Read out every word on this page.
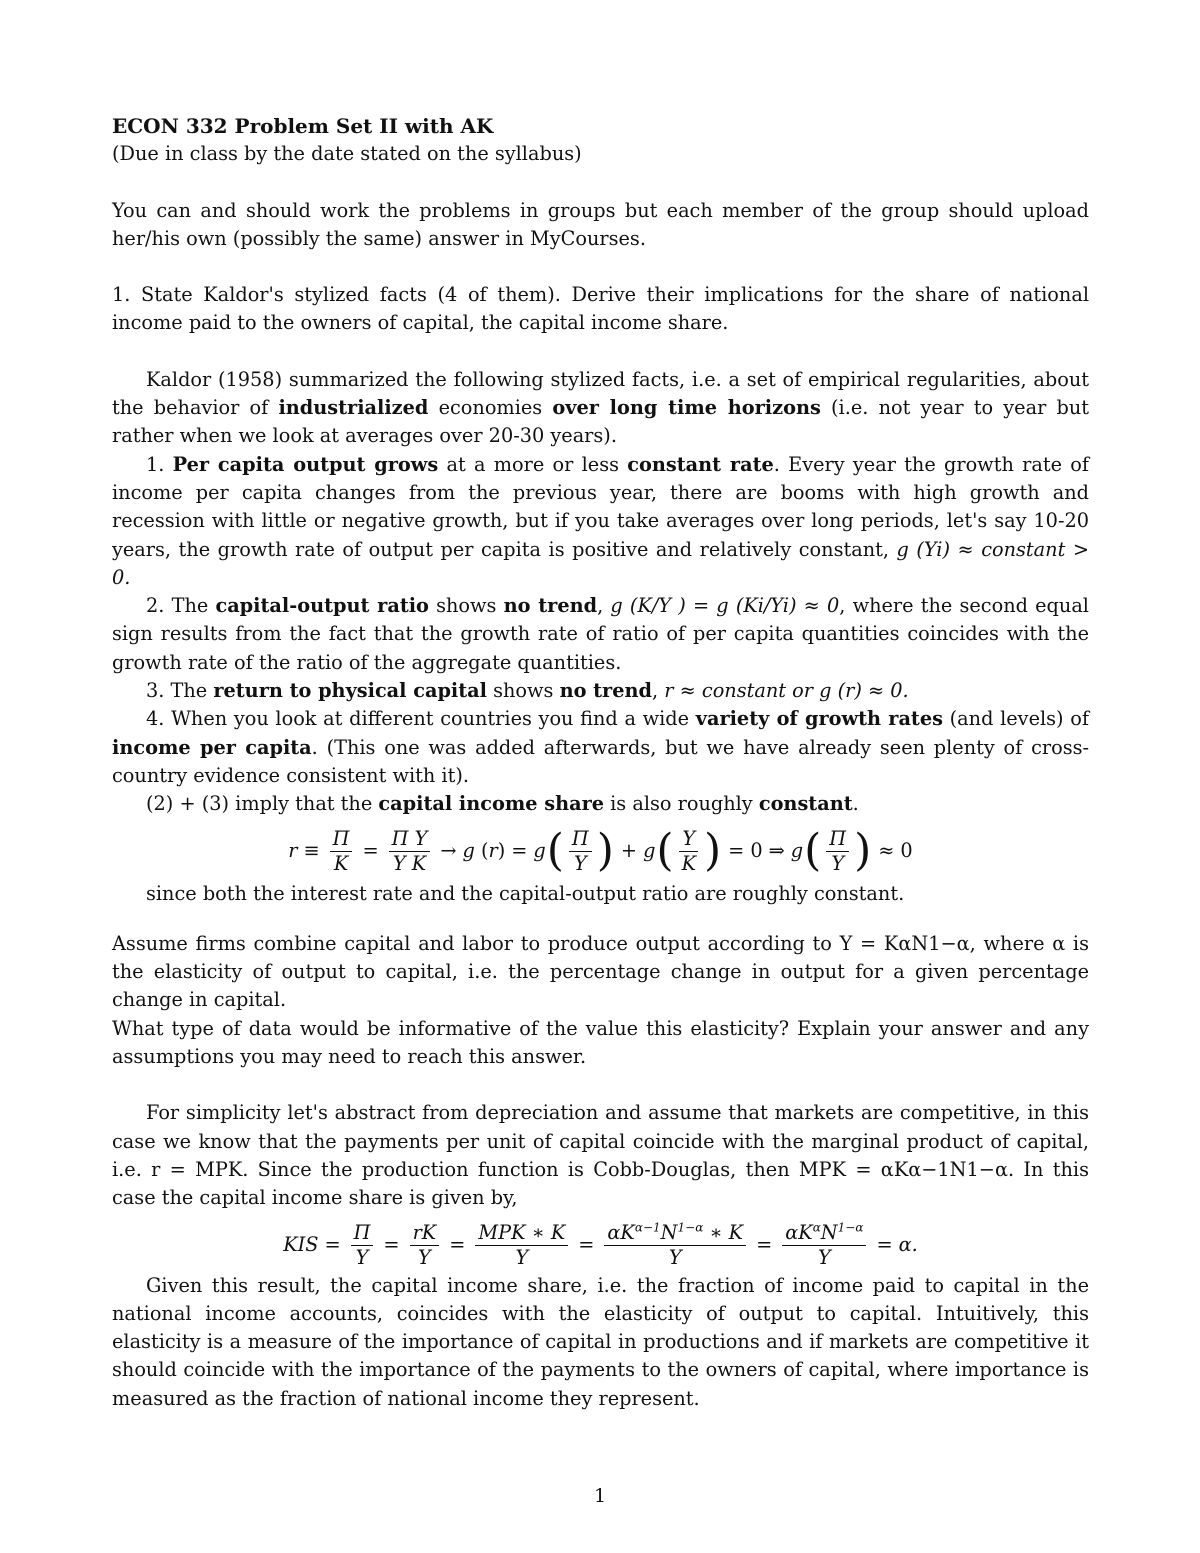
ECON 332 Problem Set II with AK

(Due in class by the date stated on the syllabus)

You can and should work the problems in groups but each member of the group should upload her/his own (possibly the same) answer in MyCourses.

1. State Kaldor's stylized facts (4 of them). Derive their implications for the share of national income paid to the owners of capital, the capital income share.

Kaldor (1958) summarized the following stylized facts, i.e. a set of empirical regularities, about the behavior of industrialized economies over long time horizons (i.e. not year to year but rather when we look at averages over 20-30 years).

1. Per capita output grows at a more or less constant rate. Every year the growth rate of income per capita changes from the previous year, there are booms with high growth and recession with little or negative growth, but if you take averages over long periods, let's say 10-20 years, the growth rate of output per capita is positive and relatively constant, g (Yi) ≈ constant > 0.

2. The capital-output ratio shows no trend, g (K/Y ) = g (Ki/Yi) ≈ 0, where the second equal sign results from the fact that the growth rate of ratio of per capita quantities coincides with the growth rate of the ratio of the aggregate quantities.

3. The return to physical capital shows no trend, r ≈ constant or g (r) ≈ 0.

4. When you look at different countries you find a wide variety of growth rates (and levels) of income per capita. (This one was added afterwards, but we have already seen plenty of cross-country evidence consistent with it).

(2) + (3) imply that the capital income share is also roughly constant.

$r \equiv \frac{\Pi}{K} = \frac{\text{Π Y}}{\text{Y K}} \to g$ ( r ) = g ( $\frac{\Pi}{Y}$ ) + g ( $\frac{Y}{K}$ ) = 0 ⇒ g ( $\frac{\Pi}{Y}$ ) ≈ 0

since both the interest rate and the capital-output ratio are roughly constant.

Assume firms combine capital and labor to produce output according to Y = KαN1−α, where α is the elasticity of output to capital, i.e. the percentage change in output for a given percentage change in capital.

What type of data would be informative of the value this elasticity? Explain your answer and any assumptions you may need to reach this answer.

For simplicity let's abstract from depreciation and assume that markets are competitive, in this case we know that the payments per unit of capital coincide with the marginal product of capital, i.e. r = MPK. Since the production function is Cobb-Douglas, then MPK = αKα−1N1−α. In this case the capital income share is given by,

KIS = $\frac{\Pi}{Y} = \frac{rK}{Y} = \frac{\text{MPK ∗ K}}{Y} = \frac{\alpha K^{\alpha-1}N^{1-\alpha} ∗ K}{Y} = \frac{\alpha K^\alpha N^{1-\alpha}}{Y} = \alpha$.

Given this result, the capital income share, i.e. the fraction of income paid to capital in the national income accounts, coincides with the elasticity of output to capital. Intuitively, this elasticity is a measure of the importance of capital in productions and if markets are competitive it should coincide with the importance of the payments to the owners of capital, where importance is measured as the fraction of national income they represent.

1
